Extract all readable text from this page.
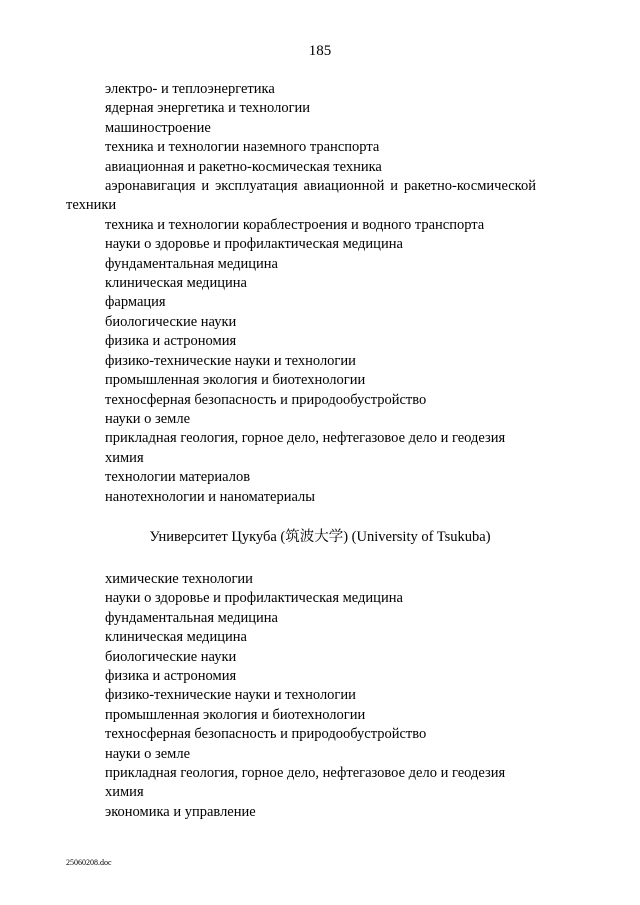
185
электро- и теплоэнергетика
ядерная энергетика и технологии
машиностроение
техника и технологии наземного транспорта
авиационная и ракетно-космическая техника
аэронавигация и эксплуатация авиационной и ракетно-космической техники
техника и технологии кораблестроения и водного транспорта
науки о здоровье и профилактическая медицина
фундаментальная медицина
клиническая медицина
фармация
биологические науки
физика и астрономия
физико-технические науки и технологии
промышленная экология и биотехнологии
техносферная безопасность и природообустройство
науки о земле
прикладная геология, горное дело, нефтегазовое дело и геодезия
химия
технологии материалов
нанотехнологии и наноматериалы
Университет Цукуба (筑波大学) (University of Tsukuba)
химические технологии
науки о здоровье и профилактическая медицина
фундаментальная медицина
клиническая медицина
биологические науки
физика и астрономия
физико-технические науки и технологии
промышленная экология и биотехнологии
техносферная безопасность и природообустройство
науки о земле
прикладная геология, горное дело, нефтегазовое дело и геодезия
химия
экономика и управление
25060208.doc
